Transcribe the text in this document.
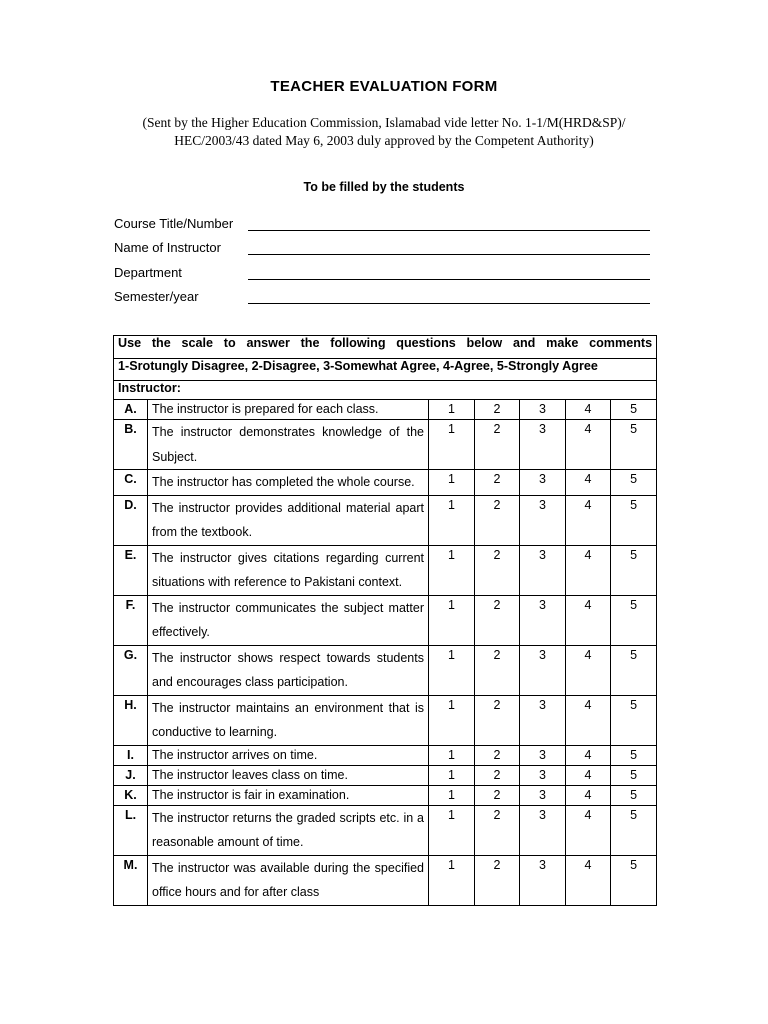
TEACHER EVALUATION FORM
(Sent by the Higher Education Commission, Islamabad vide letter No. 1-1/M(HRD&SP)/
HEC/2003/43 dated May 6, 2003 duly approved by the Competent Authority)
To be filled by the students
Course Title/Number
Name of Instructor
Department
Semester/year
Use the scale to answer the following questions below and make comments						
1-Srotungly Disagree, 2-Disagree, 3-Somewhat Agree, 4-Agree, 5-Strongly Agree						
Instructor:						
A.	The instructor is prepared for each class.	1	2	3	4	5
B.	The instructor demonstrates knowledge of the Subject.	1	2	3	4	5
C.	The instructor has completed the whole course.	1	2	3	4	5
D.	The instructor provides additional material apart from the textbook.	1	2	3	4	5
E.	The instructor gives citations regarding current situations with reference to Pakistani context.	1	2	3	4	5
F.	The instructor communicates the subject matter effectively.	1	2	3	4	5
G.	The instructor shows respect towards students and encourages class participation.	1	2	3	4	5
H.	The instructor maintains an environment that is conductive to learning.	1	2	3	4	5
I.	The instructor arrives on time.	1	2	3	4	5
J.	The instructor leaves class on time.	1	2	3	4	5
K.	The instructor is fair in examination.	1	2	3	4	5
L.	The instructor returns the graded scripts etc. in a reasonable amount of time.	1	2	3	4	5
M.	The instructor was available during the specified office hours and for after class	1	2	3	4	5
